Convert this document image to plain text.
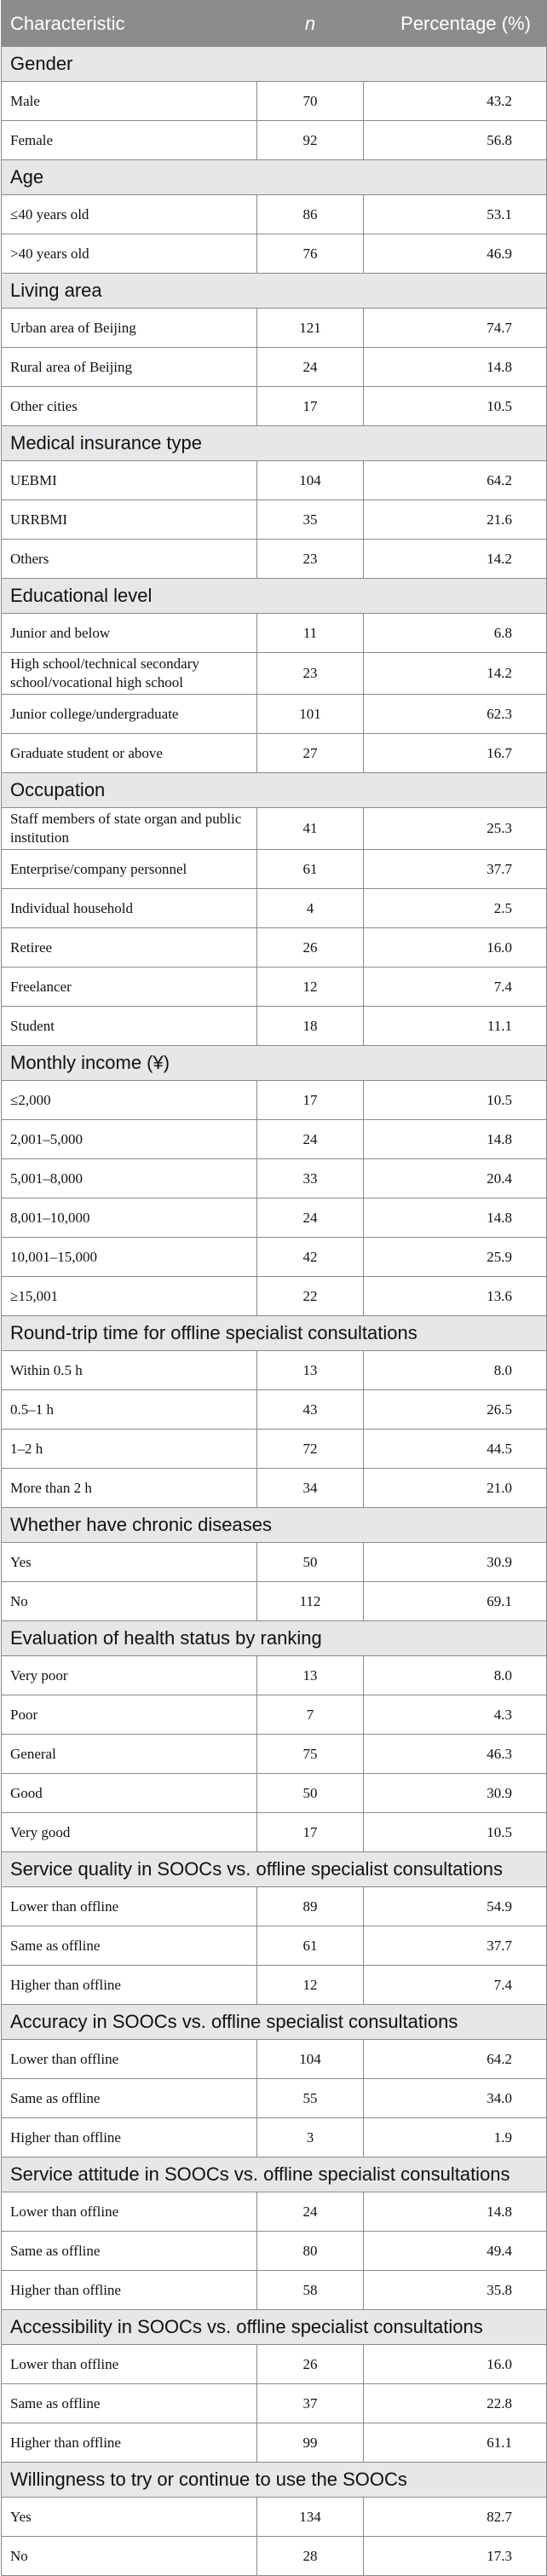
Characteristic	n	Percentage (%)
Gender		
Male	70	43.2
Female	92	56.8
Age		
≤40 years old	86	53.1
>40 years old	76	46.9
Living area		
Urban area of Beijing	121	74.7
Rural area of Beijing	24	14.8
Other cities	17	10.5
Medical insurance type		
UEBMI	104	64.2
URRBMI	35	21.6
Others	23	14.2
Educational level		
Junior and below	11	6.8
High school/technical secondary school/vocational high school	23	14.2
Junior college/undergraduate	101	62.3
Graduate student or above	27	16.7
Occupation		
Staff members of state organ and public institution	41	25.3
Enterprise/company personnel	61	37.7
Individual household	4	2.5
Retiree	26	16.0
Freelancer	12	7.4
Student	18	11.1
Monthly income (¥)		
≤2,000	17	10.5
2,001–5,000	24	14.8
5,001–8,000	33	20.4
8,001–10,000	24	14.8
10,001–15,000	42	25.9
≥15,001	22	13.6
Round-trip time for offline specialist consultations		
Within 0.5 h	13	8.0
0.5–1 h	43	26.5
1–2 h	72	44.5
More than 2 h	34	21.0
Whether have chronic diseases		
Yes	50	30.9
No	112	69.1
Evaluation of health status by ranking		
Very poor	13	8.0
Poor	7	4.3
General	75	46.3
Good	50	30.9
Very good	17	10.5
Service quality in SOOCs vs. offline specialist consultations		
Lower than offline	89	54.9
Same as offline	61	37.7
Higher than offline	12	7.4
Accuracy in SOOCs vs. offline specialist consultations		
Lower than offline	104	64.2
Same as offline	55	34.0
Higher than offline	3	1.9
Service attitude in SOOCs vs. offline specialist consultations		
Lower than offline	24	14.8
Same as offline	80	49.4
Higher than offline	58	35.8
Accessibility in SOOCs vs. offline specialist consultations		
Lower than offline	26	16.0
Same as offline	37	22.8
Higher than offline	99	61.1
Willingness to try or continue to use the SOOCs		
Yes	134	82.7
No	28	17.3
